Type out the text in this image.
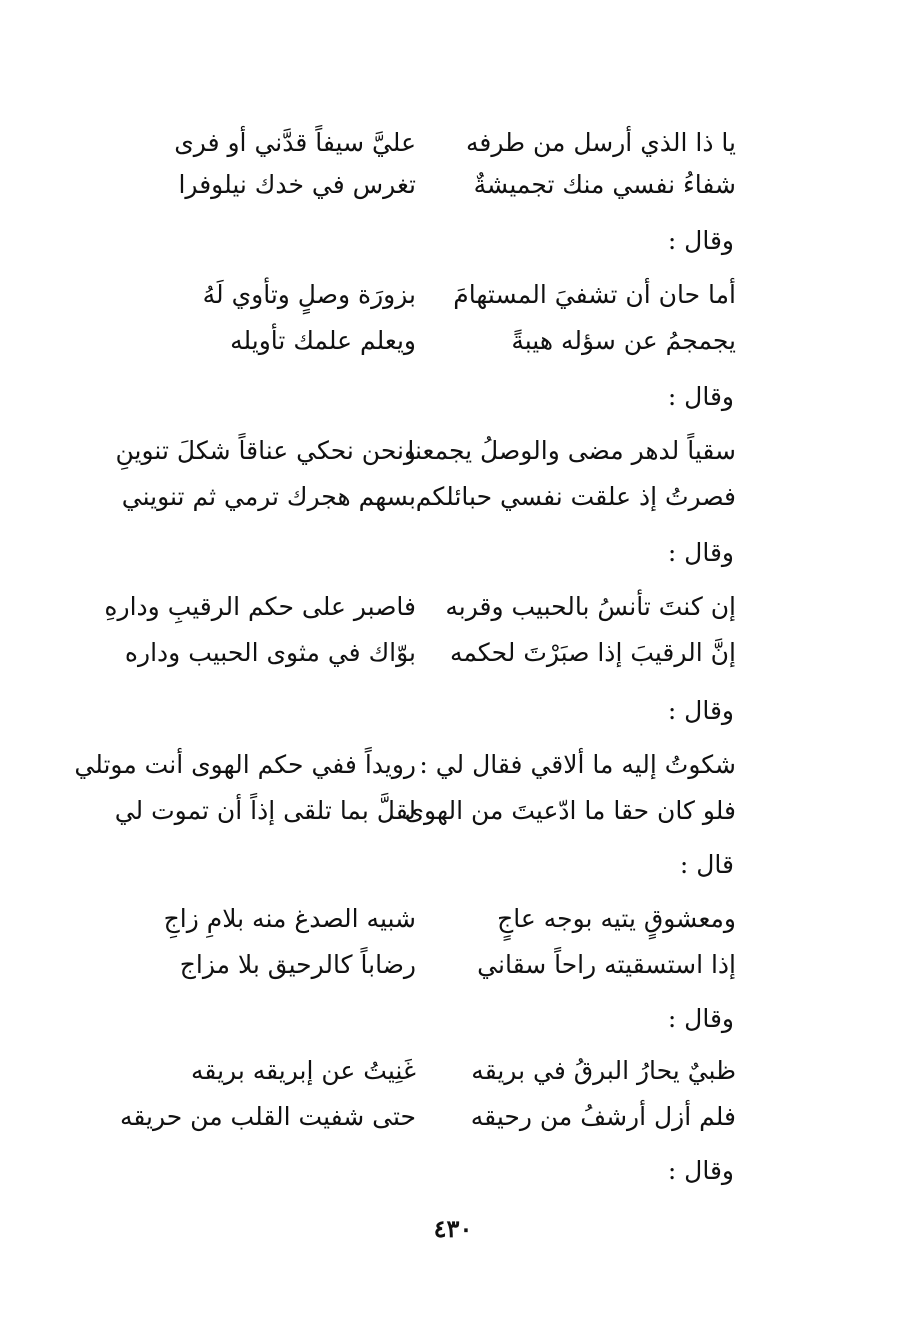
يا ذا الذي أرسل من طرفه
عليَّ سيفاً قدَّني أو فرى
شفاءُ نفسي منك تجميشةٌ
تغرس في خدك نيلوفرا
وقال :
أما حان أن تشفيَ المستهامَ
بزورَة وصلٍ وتأوي لَهُ
يجمجمُ عن سؤله هيبةً
ويعلم علمك تأويله
وقال :
سقياً لدهر مضى والوصلُ يجمعنا
ونحن نحكي عناقاً شكلَ تنوينِ
فصرتُ إذ علقت نفسي حبائلكم
بسهم هجرك ترمي ثم تنويني
وقال :
إن كنتَ تأنسُ بالحبيب وقربه
فاصبر على حكم الرقيبِ ودارهِ
إنَّ الرقيبَ إذا صبَرْتَ لحكمه
بوّاك في مثوى الحبيب وداره
وقال :
شكوتُ إليه ما ألاقي فقال لي :
رويداً ففي حكم الهوى أنت موتلي
فلو كان حقا ما ادّعيتَ من الهوى
لقلَّ بما تلقى إذاً أن تموت لي
قال :
ومعشوقٍ يتيه بوجه عاجٍ
شبيه الصدغ منه بلامِ زاجِ
إذا استسقيته راحاً سقاني
رضاباً كالرحيق بلا مزاج
وقال :
ظبيٌ يحارُ البرقُ في بريقه
غَنِيتُ عن إبريقه بريقه
فلم أزل أرشفُ من رحيقه
حتى شفيت القلب من حريقه
وقال :
٤٣٠
